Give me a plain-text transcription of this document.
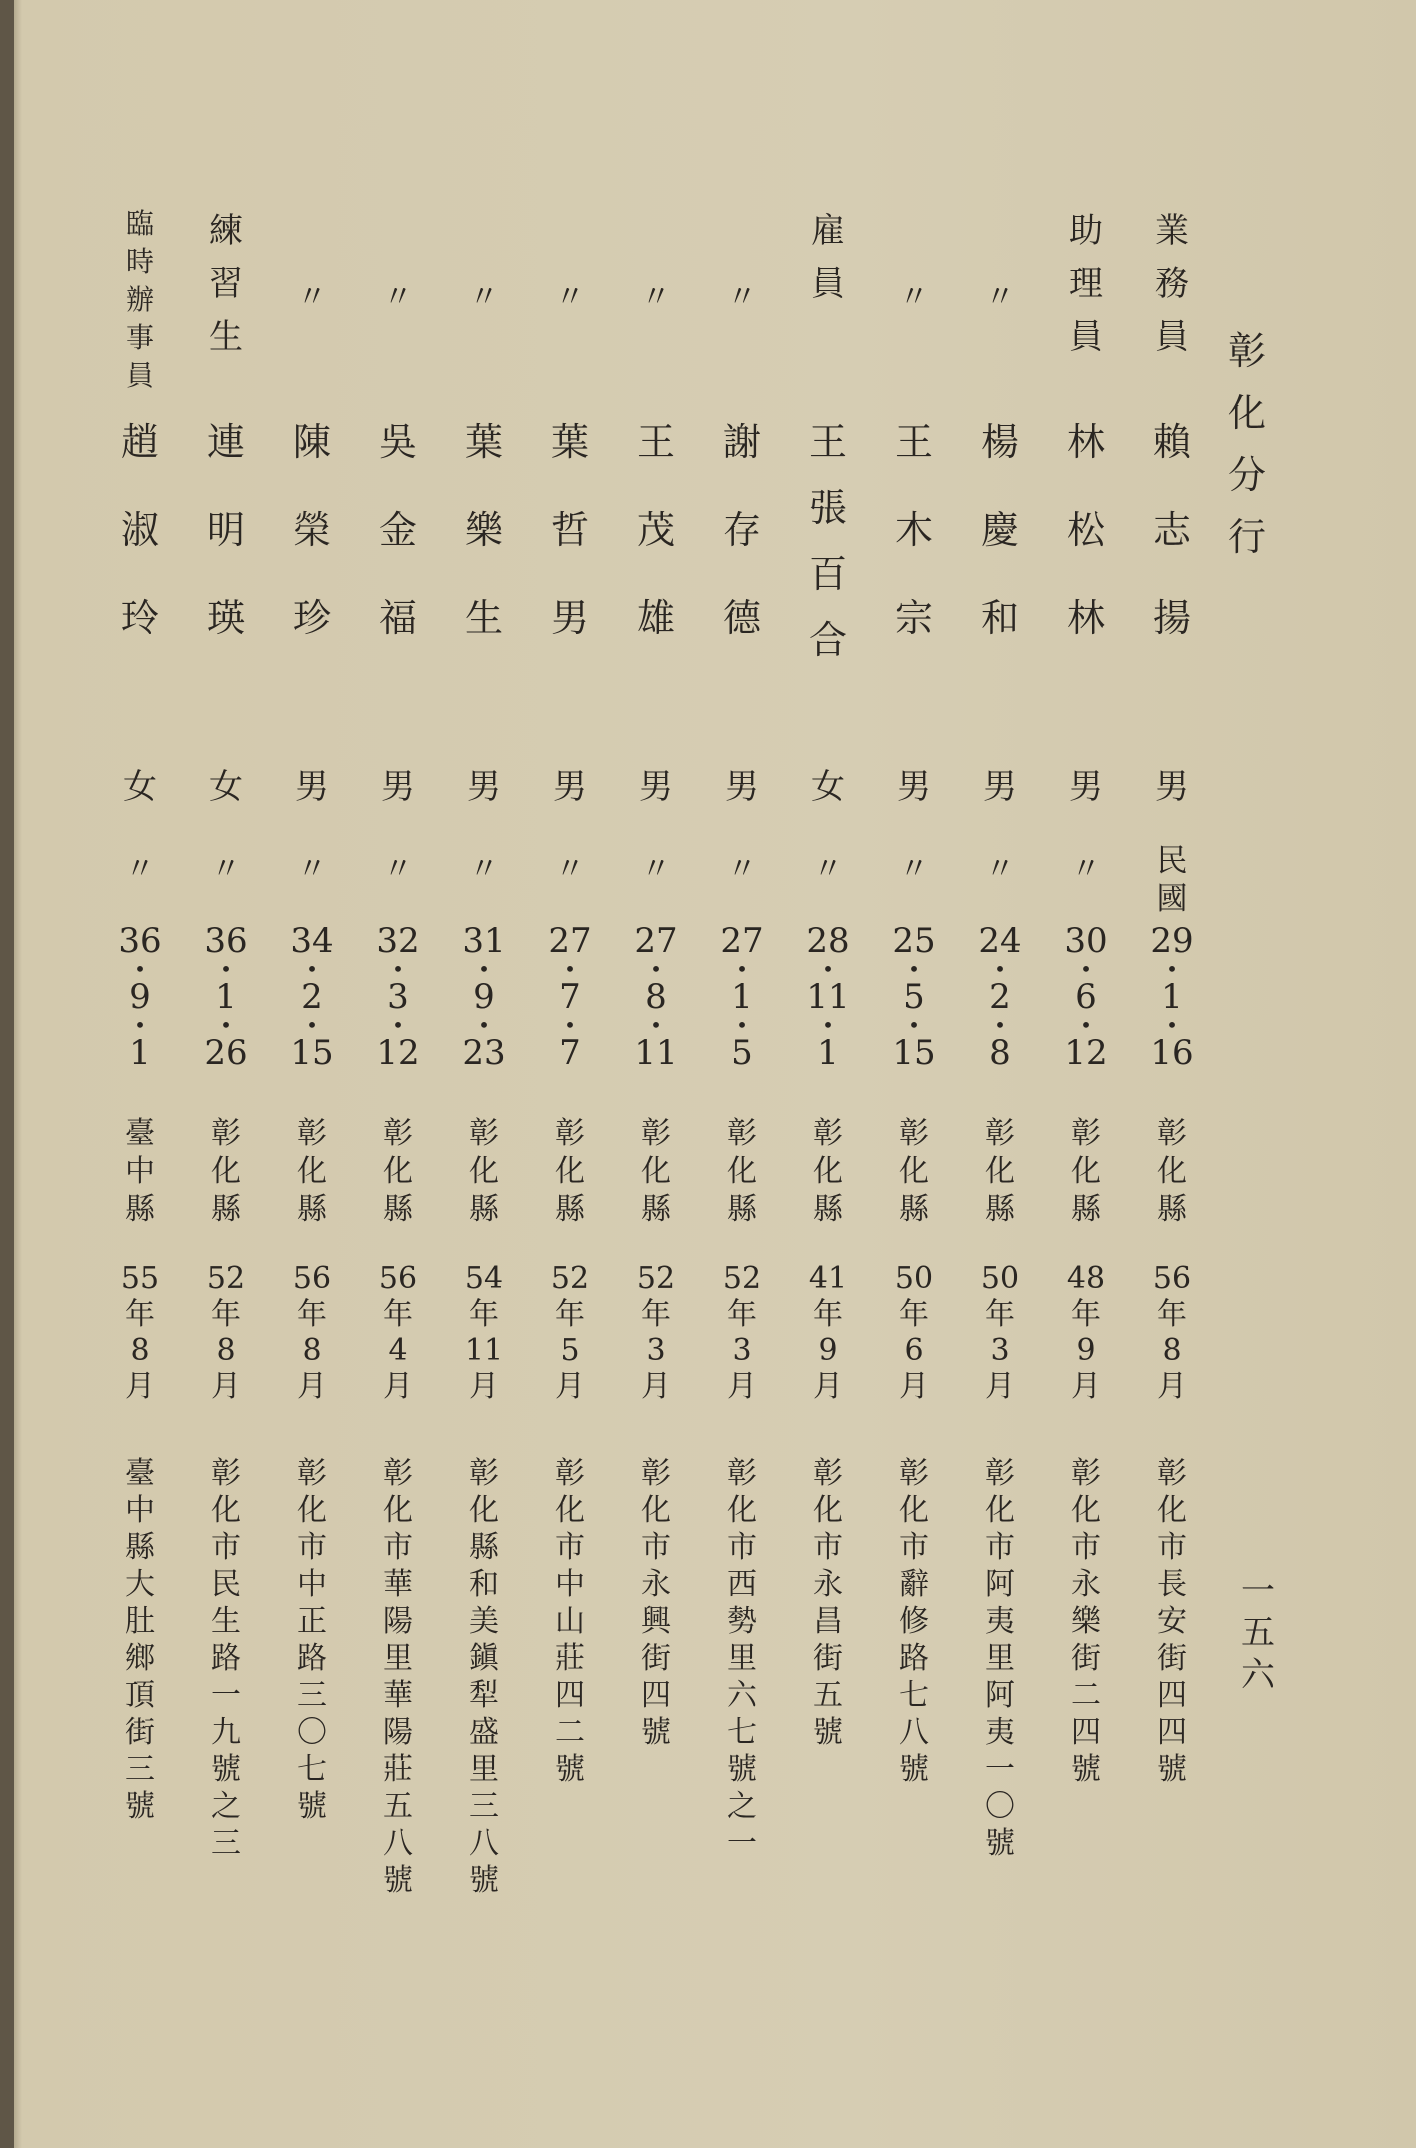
彰
化
分
行
一
五
六
業
務
員
賴
志
揚
男
民
國
29
•
1
•
16
彰
化
縣
56
年
8
月
彰
化
市
長
安
街
四
四
號
助
理
員
林
松
林
男
〃
30
•
6
•
12
彰
化
縣
48
年
9
月
彰
化
市
永
樂
街
二
四
號
〃
楊
慶
和
男
〃
24
•
2
•
8
彰
化
縣
50
年
3
月
彰
化
市
阿
夷
里
阿
夷
一
〇
號
〃
王
木
宗
男
〃
25
•
5
•
15
彰
化
縣
50
年
6
月
彰
化
市
辭
修
路
七
八
號
雇
員
王
張
百
合
女
〃
28
•
11
•
1
彰
化
縣
41
年
9
月
彰
化
市
永
昌
街
五
號
〃
謝
存
德
男
〃
27
•
1
•
5
彰
化
縣
52
年
3
月
彰
化
市
西
勢
里
六
七
號
之
一
〃
王
茂
雄
男
〃
27
•
8
•
11
彰
化
縣
52
年
3
月
彰
化
市
永
興
街
四
號
〃
葉
哲
男
男
〃
27
•
7
•
7
彰
化
縣
52
年
5
月
彰
化
市
中
山
莊
四
二
號
〃
葉
樂
生
男
〃
31
•
9
•
23
彰
化
縣
54
年
11
月
彰
化
縣
和
美
鎭
犁
盛
里
三
八
號
〃
吳
金
福
男
〃
32
•
3
•
12
彰
化
縣
56
年
4
月
彰
化
市
華
陽
里
華
陽
莊
五
八
號
〃
陳
榮
珍
男
〃
34
•
2
•
15
彰
化
縣
56
年
8
月
彰
化
市
中
正
路
三
〇
七
號
練
習
生
連
明
瑛
女
〃
36
•
1
•
26
彰
化
縣
52
年
8
月
彰
化
市
民
生
路
一
九
號
之
三
臨
時
辦
事
員
趙
淑
玲
女
〃
36
•
9
•
1
臺
中
縣
55
年
8
月
臺
中
縣
大
肚
鄉
頂
街
三
號
